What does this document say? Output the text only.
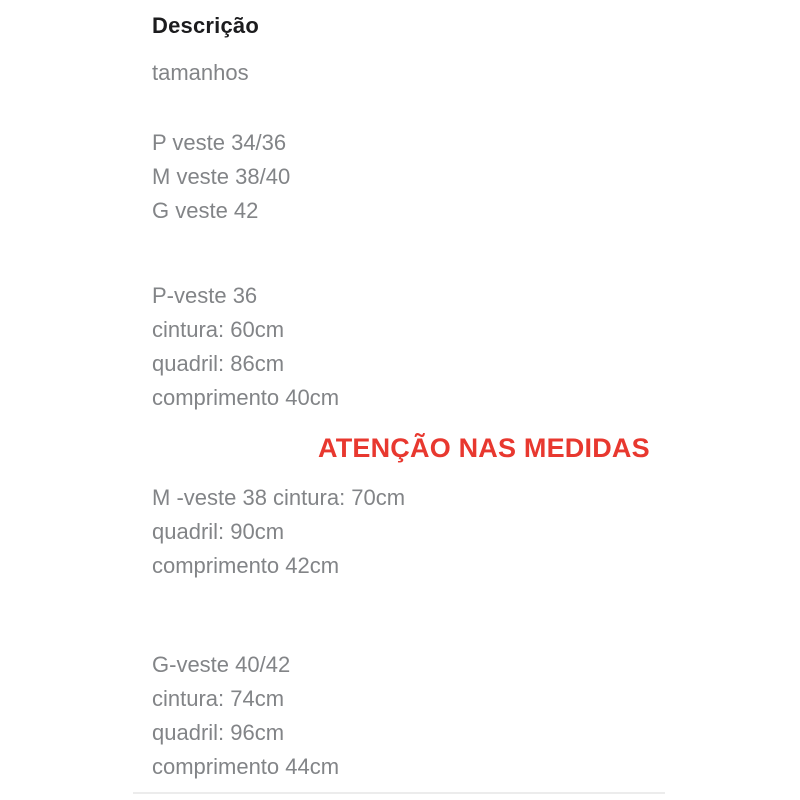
Descrição

tamanhos

P veste 34/36

M veste 38/40

G veste 42

P-veste 36

cintura: 60cm

quadril: 86cm

comprimento 40cm

ATENÇÃO NAS MEDIDAS

M -veste 38 cintura: 70cm

quadril: 90cm

comprimento 42cm

G-veste 40/42

cintura: 74cm

quadril: 96cm

comprimento 44cm
